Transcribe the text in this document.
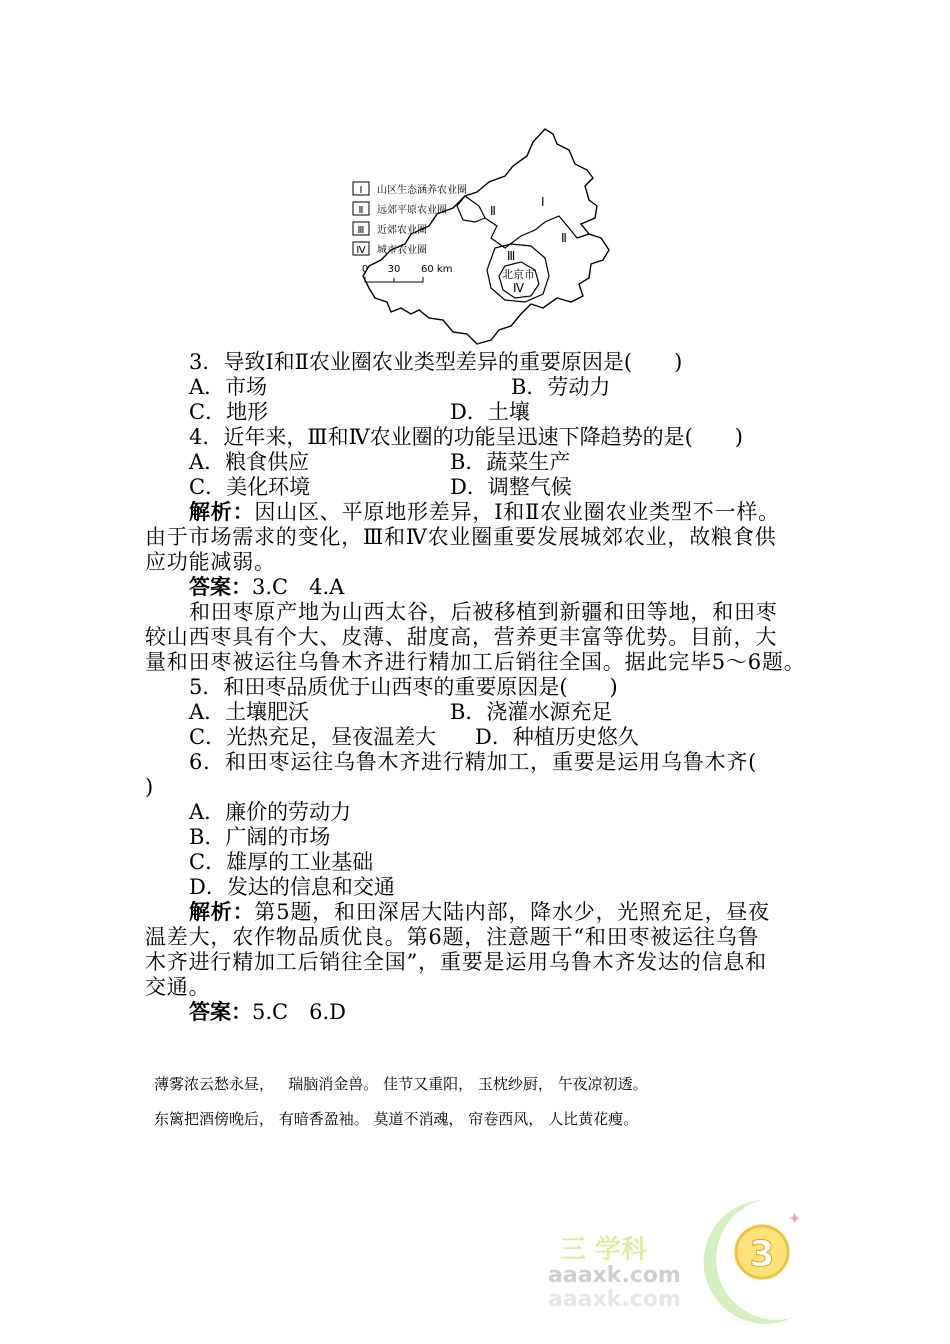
Ⅰ
Ⅱ
Ⅱ
Ⅲ
北京市
Ⅳ
Ⅰ 山区生态涵养农业圈
Ⅱ 远郊平原农业圈
Ⅲ 近郊农业圈
Ⅳ 城市农业圈
0 30 60 km
3．导致Ⅰ和Ⅱ农业圈农业类型差异的重要原因是(　　)
A．市场	B．劳动力
C．地形	D．土壤
4．近年来，Ⅲ和Ⅳ农业圈的功能呈迅速下降趋势的是(　　)
A．粮食供应	B．蔬菜生产
C．美化环境	D．调整气候
解析：因山区、平原地形差异，Ⅰ和Ⅱ农业圈农业类型不一样。
由于市场需求的变化，Ⅲ和Ⅳ农业圈重要发展城郊农业，故粮食供
应功能减弱。
答案：3.C　4.A
和田枣原产地为山西太谷，后被移植到新疆和田等地，和田枣
较山西枣具有个大、皮薄、甜度高，营养更丰富等优势。目前，大
量和田枣被运往乌鲁木齐进行精加工后销往全国。据此完毕5～6题。
5．和田枣品质优于山西枣的重要原因是(　　)
A．土壤肥沃	B．浇灌水源充足
C．光热充足，昼夜温差大 D．种植历史悠久
6．和田枣运往乌鲁木齐进行精加工，重要是运用乌鲁木齐(
)
A．廉价的劳动力
B．广阔的市场
C．雄厚的工业基础
D．发达的信息和交通
解析：第5题，和田深居大陆内部，降水少，光照充足，昼夜
温差大，农作物品质优良。第6题，注意题干“和田枣被运往乌鲁
木齐进行精加工后销往全国”，重要是运用乌鲁木齐发达的信息和
交通。
答案：5.C　6.D
薄雾浓云愁永昼，   瑞脑消金兽。 佳节又重阳， 玉枕纱厨， 午夜凉初透。
东篱把酒傍晚后， 有暗香盈袖。 莫道不消魂， 帘卷西风， 人比黄花瘦。
3
✦
三 学科
aaaxk.com
aaaxk.com
